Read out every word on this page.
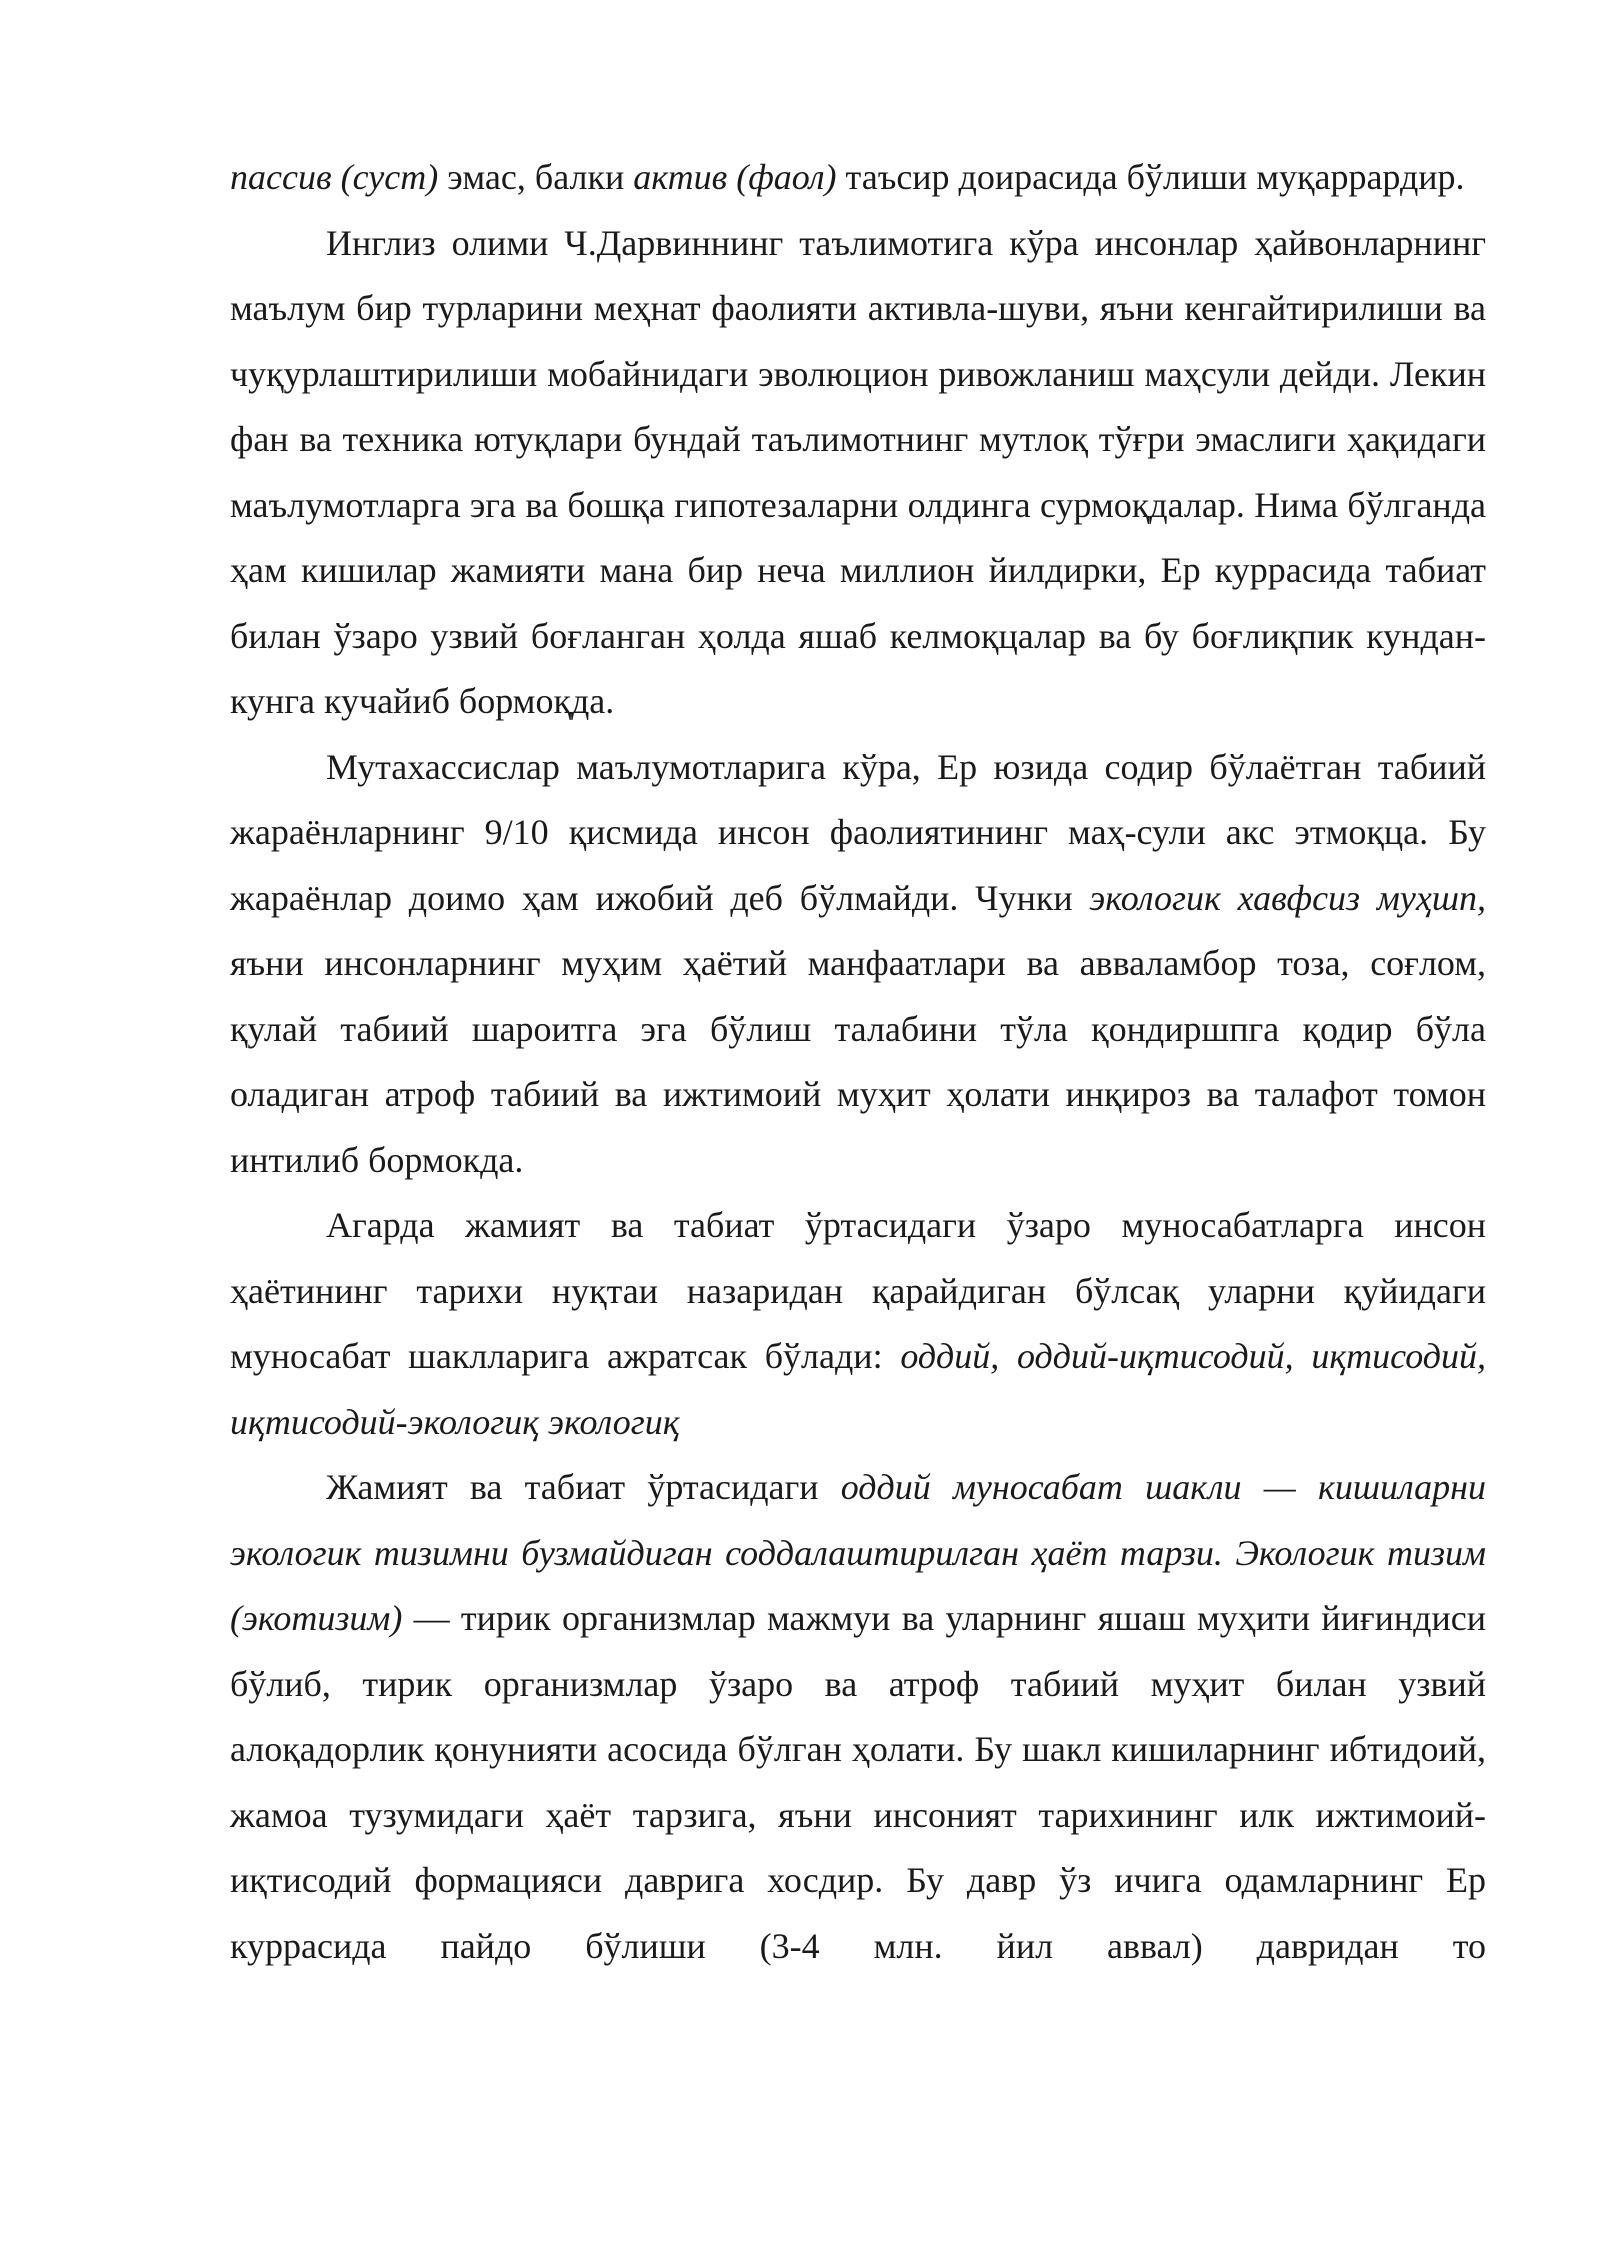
пассив (суст) эмас, балки актив (фаол) таъсир доирасида бўлиши муқаррардир.

Инглиз олими Ч.Дарвиннинг таълимотига кўра инсонлар ҳайвонларнинг маълум бир турларини меҳнат фаолияти активла-шуви, яъни кенгайтирилиши ва чуқурлаштирилиши мобайнидаги эволюцион ривожланиш маҳсули дейди. Лекин фан ва техника ютуқлари бундай таълимотнинг мутлоқ тўғри эмаслиги ҳақидаги маълумотларга эга ва бошқа гипотезаларни олдинга сурмоқдалар. Нима бўлганда ҳам кишилар жамияти мана бир неча миллион йилдирки, Ер куррасида табиат билан ўзаро узвий боғланган ҳолда яшаб келмоқцалар ва бу боғлиқпик кундан-кунга кучайиб бормоқда.

Мутахассислар маълумотларига кўра, Ер юзида содир бўлаётган табиий жараёнларнинг 9/10 қисмида инсон фаолиятининг маҳ-сули акс этмоқца. Бу жараёнлар доимо ҳам ижобий деб бўлмайди. Чунки экологик хавфсиз муҳшп, яъни инсонларнинг муҳим ҳаётий манфаатлари ва авваламбор тоза, соғлом, қулай табиий шароитга эга бўлиш талабини тўла қондиршпга қодир бўла оладиган атроф табиий ва ижтимоий муҳит ҳолати инқироз ва талафот томон интилиб бормокда.

Агарда жамият ва табиат ўртасидаги ўзаро муносабатларга инсон ҳаётининг тарихи нуқтаи назаридан қарайдиган бўлсақ уларни қуйидаги муносабат шаклларига ажратсак бўлади: оддий, оддий-иқтисодий, иқтисодий, иқтисодий-экологиқ экологиқ

Жамият ва табиат ўртасидаги оддий муносабат шакли — кишиларни экологик тизимни бузмайдиган соддалаштирилган ҳаёт тарзи. Экологик тизим (экотизим) — тирик организмлар мажмуи ва уларнинг яшаш муҳити йиғиндиси бўлиб, тирик организмлар ўзаро ва атроф табиий муҳит билан узвий алоқадорлик қонунияти асосида бўлган ҳолати. Бу шакл кишиларнинг ибтидоий, жамоа тузумидаги ҳаёт тарзига, яъни инсоният тарихининг илк ижтимоий-иқтисодий формацияси даврига хосдир. Бу давр ўз ичига одамларнинг Ер куррасида пайдо бўлиши (3-4 млн. йил аввал) давридан то
